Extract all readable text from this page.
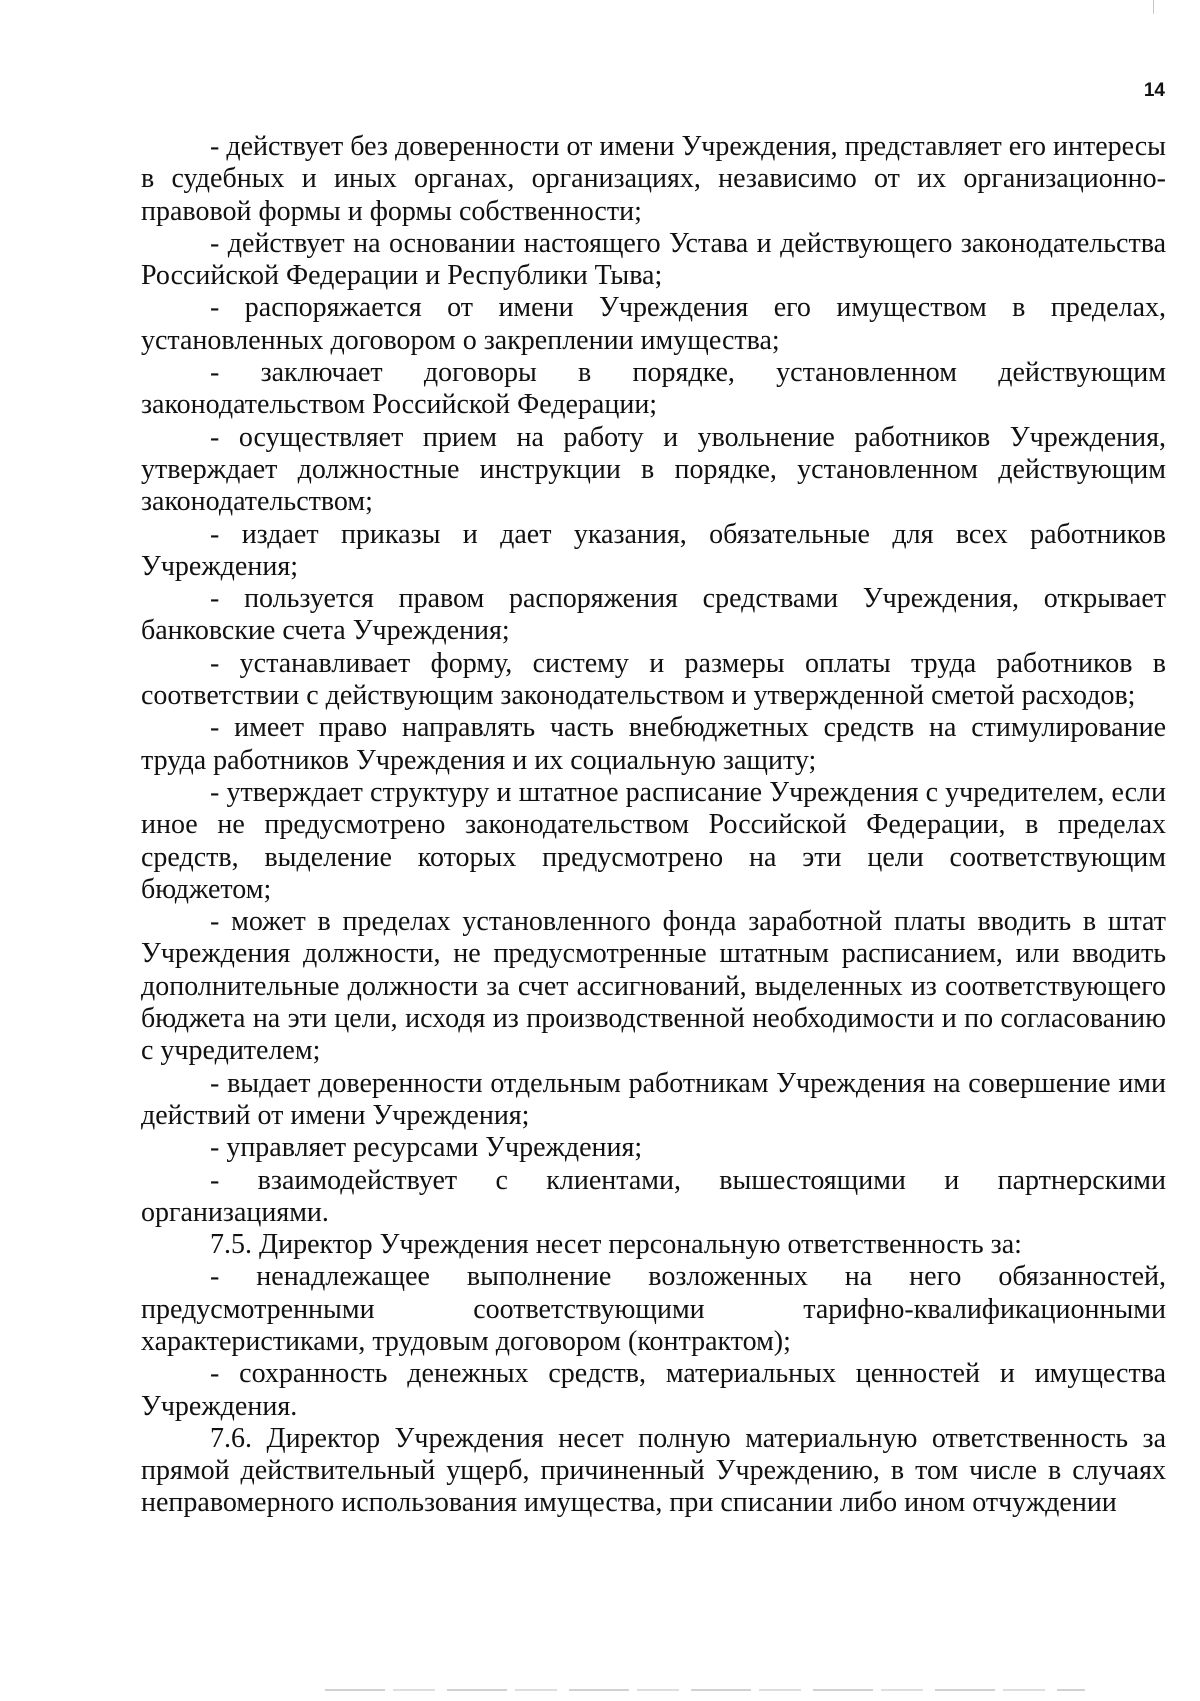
14

- действует без доверенности от имени Учреждения, представляет его интересы в судебных и иных органах, организациях, независимо от их организационно-правовой формы и формы собственности;

- действует на основании настоящего Устава и действующего законодательства Российской Федерации и Республики Тыва;

- распоряжается от имени Учреждения его имуществом в пределах, установленных договором о закреплении имущества;

- заключает договоры в порядке, установленном действующим законодательством Российской Федерации;

- осуществляет прием на работу и увольнение работников Учреждения, утверждает должностные инструкции в порядке, установленном действующим законодательством;

- издает приказы и дает указания, обязательные для всех работников Учреждения;

- пользуется правом распоряжения средствами Учреждения, открывает банковские счета Учреждения;

- устанавливает форму, систему и размеры оплаты труда работников в соответствии с действующим законодательством и утвержденной сметой расходов;

- имеет право направлять часть внебюджетных средств на стимулирование труда работников Учреждения и их социальную защиту;

- утверждает структуру и штатное расписание Учреждения с учредителем, если иное не предусмотрено законодательством Российской Федерации, в пределах средств, выделение которых предусмотрено на эти цели соответствующим бюджетом;

- может в пределах установленного фонда заработной платы вводить в штат Учреждения должности, не предусмотренные штатным расписанием, или вводить дополнительные должности за счет ассигнований, выделенных из соответствующего бюджета на эти цели, исходя из производственной необходимости и по согласованию с учредителем;

- выдает доверенности отдельным работникам Учреждения на совершение ими действий от имени Учреждения;

- управляет ресурсами Учреждения;

- взаимодействует с клиентами, вышестоящими и партнерскими организациями.

7.5. Директор Учреждения несет персональную ответственность за:

- ненадлежащее выполнение возложенных на него обязанностей, предусмотренными соответствующими тарифно-квалификационными характеристиками, трудовым договором (контрактом);

- сохранность денежных средств, материальных ценностей и имущества Учреждения.

7.6. Директор Учреждения несет полную материальную ответственность за прямой действительный ущерб, причиненный Учреждению, в том числе в случаях неправомерного использования имущества, при списании либо ином отчуждении
